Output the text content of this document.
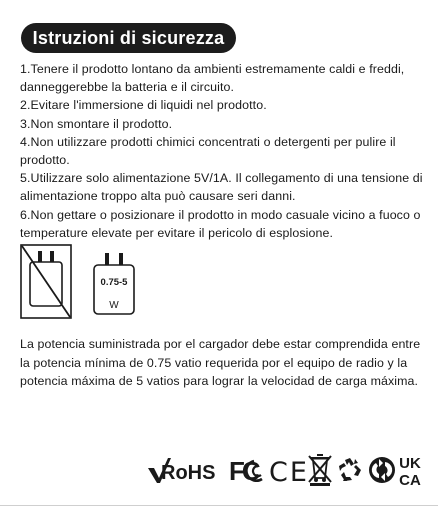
Istruzioni di sicurezza
1.Tenere il prodotto lontano da ambienti estremamente caldi e freddi, danneggerebbe la batteria e il circuito.
2.Evitare l'immersione di liquidi nel prodotto.
3.Non smontare il prodotto.
4.Non utilizzare prodotti chimici concentrati o detergenti per pulire il prodotto.
5.Utilizzare solo alimentazione 5V/1A. Il collegamento di una tensione di alimentazione troppo alta può causare seri danni.
6.Non gettare o posizionare il prodotto in modo casuale vicino a fuoco o temperature elevate per evitare il pericolo di esplosione.
0.75-5
W

La potencia suministrada por el cargador debe estar comprendida entre la potencia mínima de 0.75 vatio requerida por el equipo de radio y la potencia máxima de 5 vatios para lograr la velocidad de carga máxima.

RoHS FC CE	UK
CA
